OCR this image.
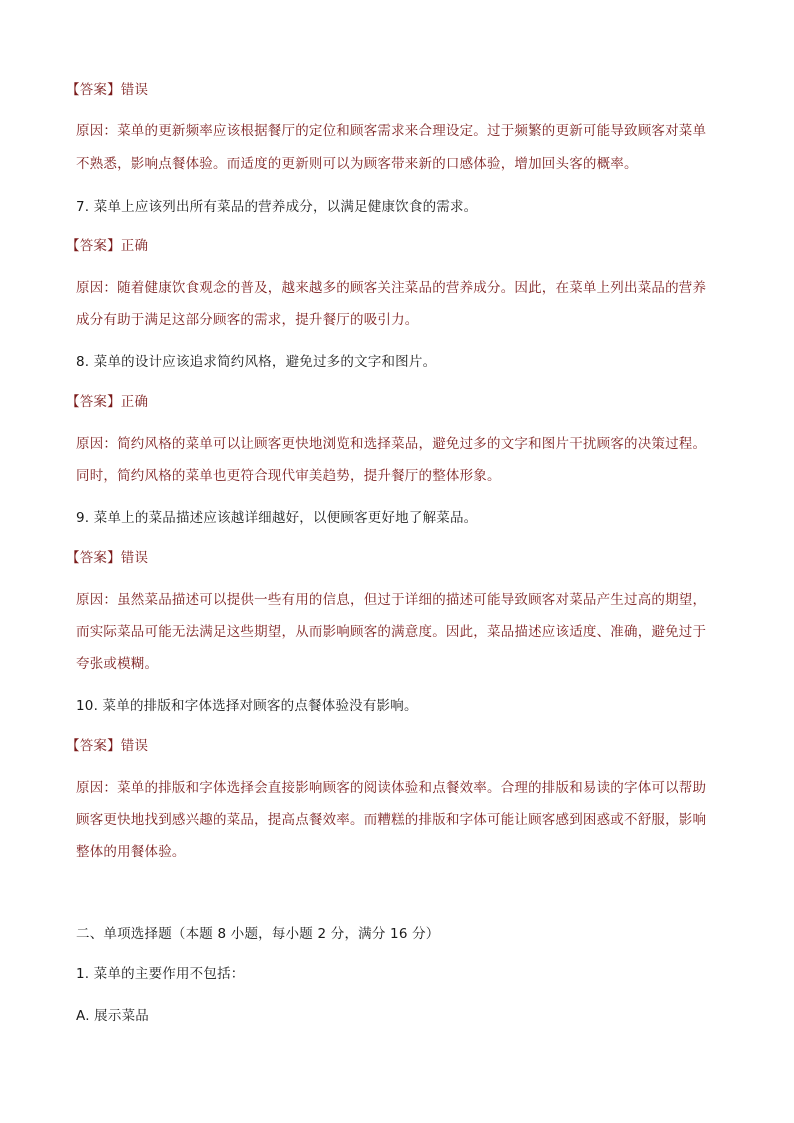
【答案】错误
原因：菜单的更新频率应该根据餐厅的定位和顾客需求来合理设定。过于频繁的更新可能导致顾客对菜单
不熟悉，影响点餐体验。而适度的更新则可以为顾客带来新的口感体验，增加回头客的概率。
7. 菜单上应该列出所有菜品的营养成分，以满足健康饮食的需求。
【答案】正确
原因：随着健康饮食观念的普及，越来越多的顾客关注菜品的营养成分。因此，在菜单上列出菜品的营养
成分有助于满足这部分顾客的需求，提升餐厅的吸引力。
8. 菜单的设计应该追求简约风格，避免过多的文字和图片。
【答案】正确
原因：简约风格的菜单可以让顾客更快地浏览和选择菜品，避免过多的文字和图片干扰顾客的决策过程。
同时，简约风格的菜单也更符合现代审美趋势，提升餐厅的整体形象。
9. 菜单上的菜品描述应该越详细越好，以便顾客更好地了解菜品。
【答案】错误
原因：虽然菜品描述可以提供一些有用的信息，但过于详细的描述可能导致顾客对菜品产生过高的期望，
而实际菜品可能无法满足这些期望，从而影响顾客的满意度。因此，菜品描述应该适度、准确，避免过于
夸张或模糊。
10. 菜单的排版和字体选择对顾客的点餐体验没有影响。
【答案】错误
原因：菜单的排版和字体选择会直接影响顾客的阅读体验和点餐效率。合理的排版和易读的字体可以帮助
顾客更快地找到感兴趣的菜品，提高点餐效率。而糟糕的排版和字体可能让顾客感到困惑或不舒服，影响
整体的用餐体验。
二、单项选择题（本题 8 小题，每小题 2 分，满分 16 分）
1. 菜单的主要作用不包括：
A. 展示菜品
